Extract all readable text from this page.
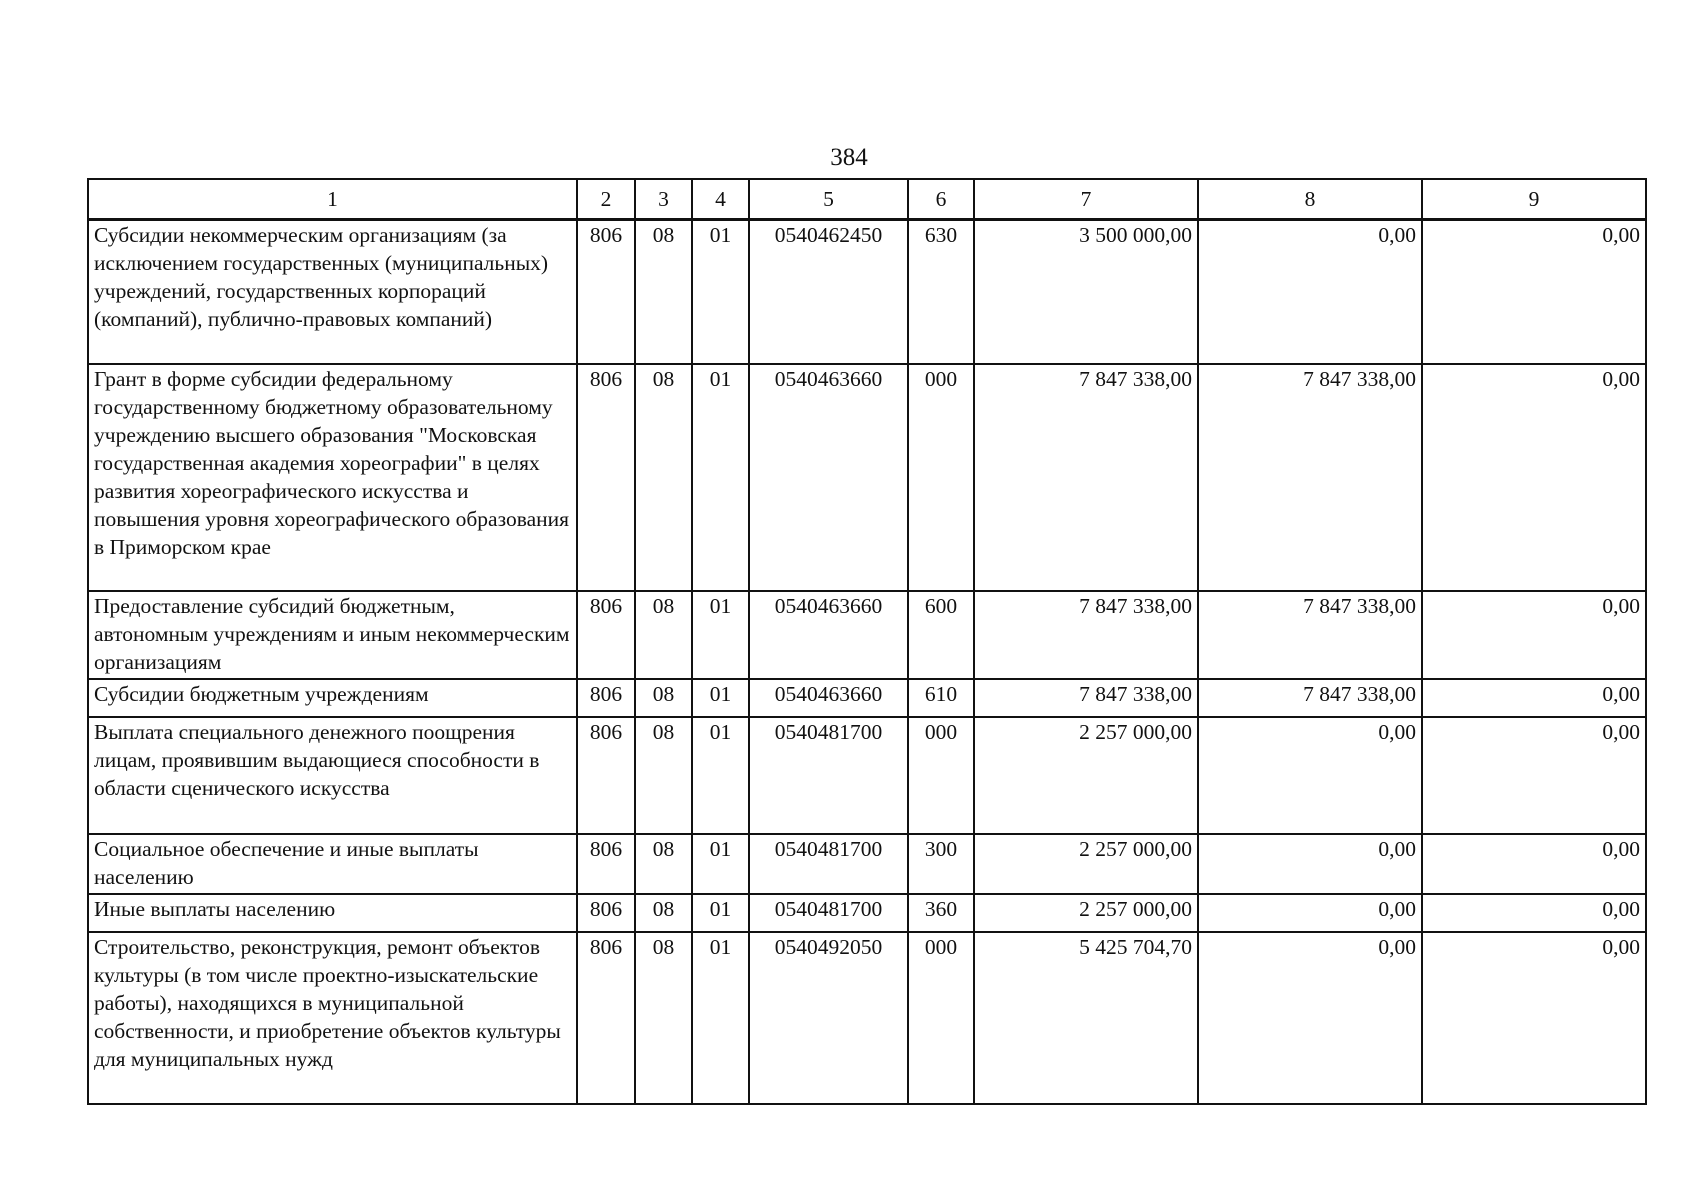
384
1	2	3	4	5	6	7	8	9
Субсидии некоммерческим организациям (за исключением государственных (муниципальных) учреждений, государственных корпораций (компаний), публично-правовых компаний)	806	08	01	0540462450	630	3 500 000,00	0,00	0,00
Грант в форме субсидии федеральному государственному бюджетному образовательному учреждению высшего образования "Московская государственная академия хореографии" в целях развития хореографического искусства и повышения уровня хореографического образования в Приморском крае	806	08	01	0540463660	000	7 847 338,00	7 847 338,00	0,00
Предоставление субсидий бюджетным, автономным учреждениям и иным некоммерческим организациям	806	08	01	0540463660	600	7 847 338,00	7 847 338,00	0,00
Субсидии бюджетным учреждениям	806	08	01	0540463660	610	7 847 338,00	7 847 338,00	0,00
Выплата специального денежного поощрения лицам, проявившим выдающиеся способности в области сценического искусства	806	08	01	0540481700	000	2 257 000,00	0,00	0,00
Социальное обеспечение и иные выплаты населению	806	08	01	0540481700	300	2 257 000,00	0,00	0,00
Иные выплаты населению	806	08	01	0540481700	360	2 257 000,00	0,00	0,00
Строительство, реконструкция, ремонт объектов культуры (в том числе проектно-изыскательские работы), находящихся в муниципальной собственности, и приобретение объектов культуры для муниципальных нужд	806	08	01	0540492050	000	5 425 704,70	0,00	0,00
